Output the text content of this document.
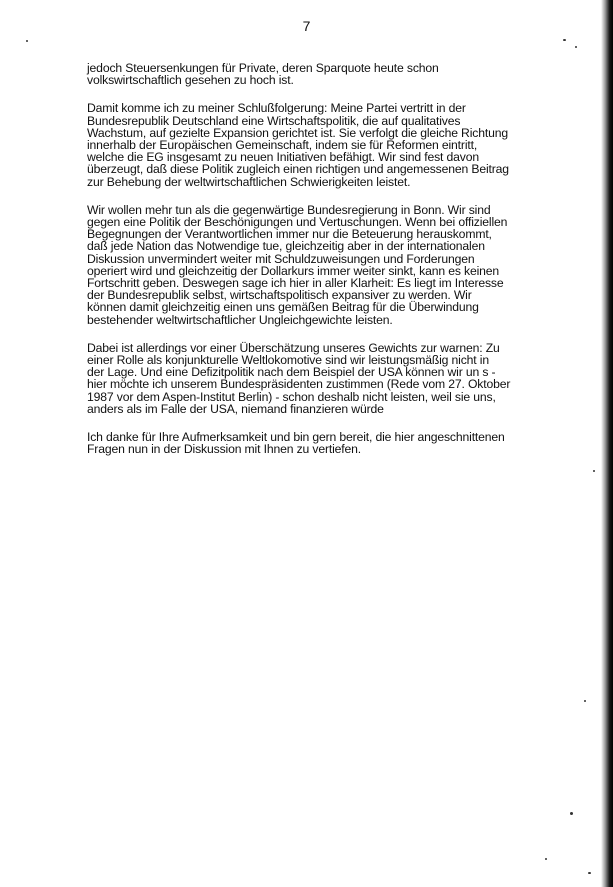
7

jedoch Steuersenkungen für Private, deren Sparquote heute schon
volkswirtschaftlich gesehen zu hoch ist.

Damit komme ich zu meiner Schlußfolgerung: Meine Partei vertritt in der
Bundesrepublik Deutschland eine Wirtschaftspolitik, die auf qualitatives
Wachstum, auf gezielte Expansion gerichtet ist. Sie verfolgt die gleiche Richtung
innerhalb der Europäischen Gemeinschaft, indem sie für Reformen eintritt,
welche die EG insgesamt zu neuen Initiativen befähigt. Wir sind fest davon
überzeugt, daß diese Politik zugleich einen richtigen und angemessenen Beitrag
zur Behebung der weltwirtschaftlichen Schwierigkeiten leistet.

Wir wollen mehr tun als die gegenwärtige Bundesregierung in Bonn. Wir sind
gegen eine Politik der Beschönigungen und Vertuschungen. Wenn bei offiziellen
Begegnungen der Verantwortlichen immer nur die Beteuerung herauskommt,
daß jede Nation das Notwendige tue, gleichzeitig aber in der internationalen
Diskussion unvermindert weiter mit Schuldzuweisungen und Forderungen
operiert wird und gleichzeitig der Dollarkurs immer weiter sinkt, kann es keinen
Fortschritt geben. Deswegen sage ich hier in aller Klarheit: Es liegt im Interesse
der Bundesrepublik selbst, wirtschaftspolitisch expansiver zu werden. Wir
können damit gleichzeitig einen uns gemäßen Beitrag für die Überwindung
bestehender weltwirtschaftlicher Ungleichgewichte leisten.

Dabei ist allerdings vor einer Überschätzung unseres Gewichts zur warnen: Zu
einer Rolle als konjunkturelle Weltlokomotive sind wir leistungsmäßig nicht in
der Lage. Und eine Defizitpolitik nach dem Beispiel der USA können wir un s -
hier möchte ich unserem Bundespräsidenten zustimmen (Rede vom 27. Oktober
1987 vor dem Aspen-Institut Berlin) - schon deshalb nicht leisten, weil sie uns,
anders als im Falle der USA, niemand finanzieren würde

Ich danke für Ihre Aufmerksamkeit und bin gern bereit, die hier angeschnittenen
Fragen nun in der Diskussion mit Ihnen zu vertiefen.
